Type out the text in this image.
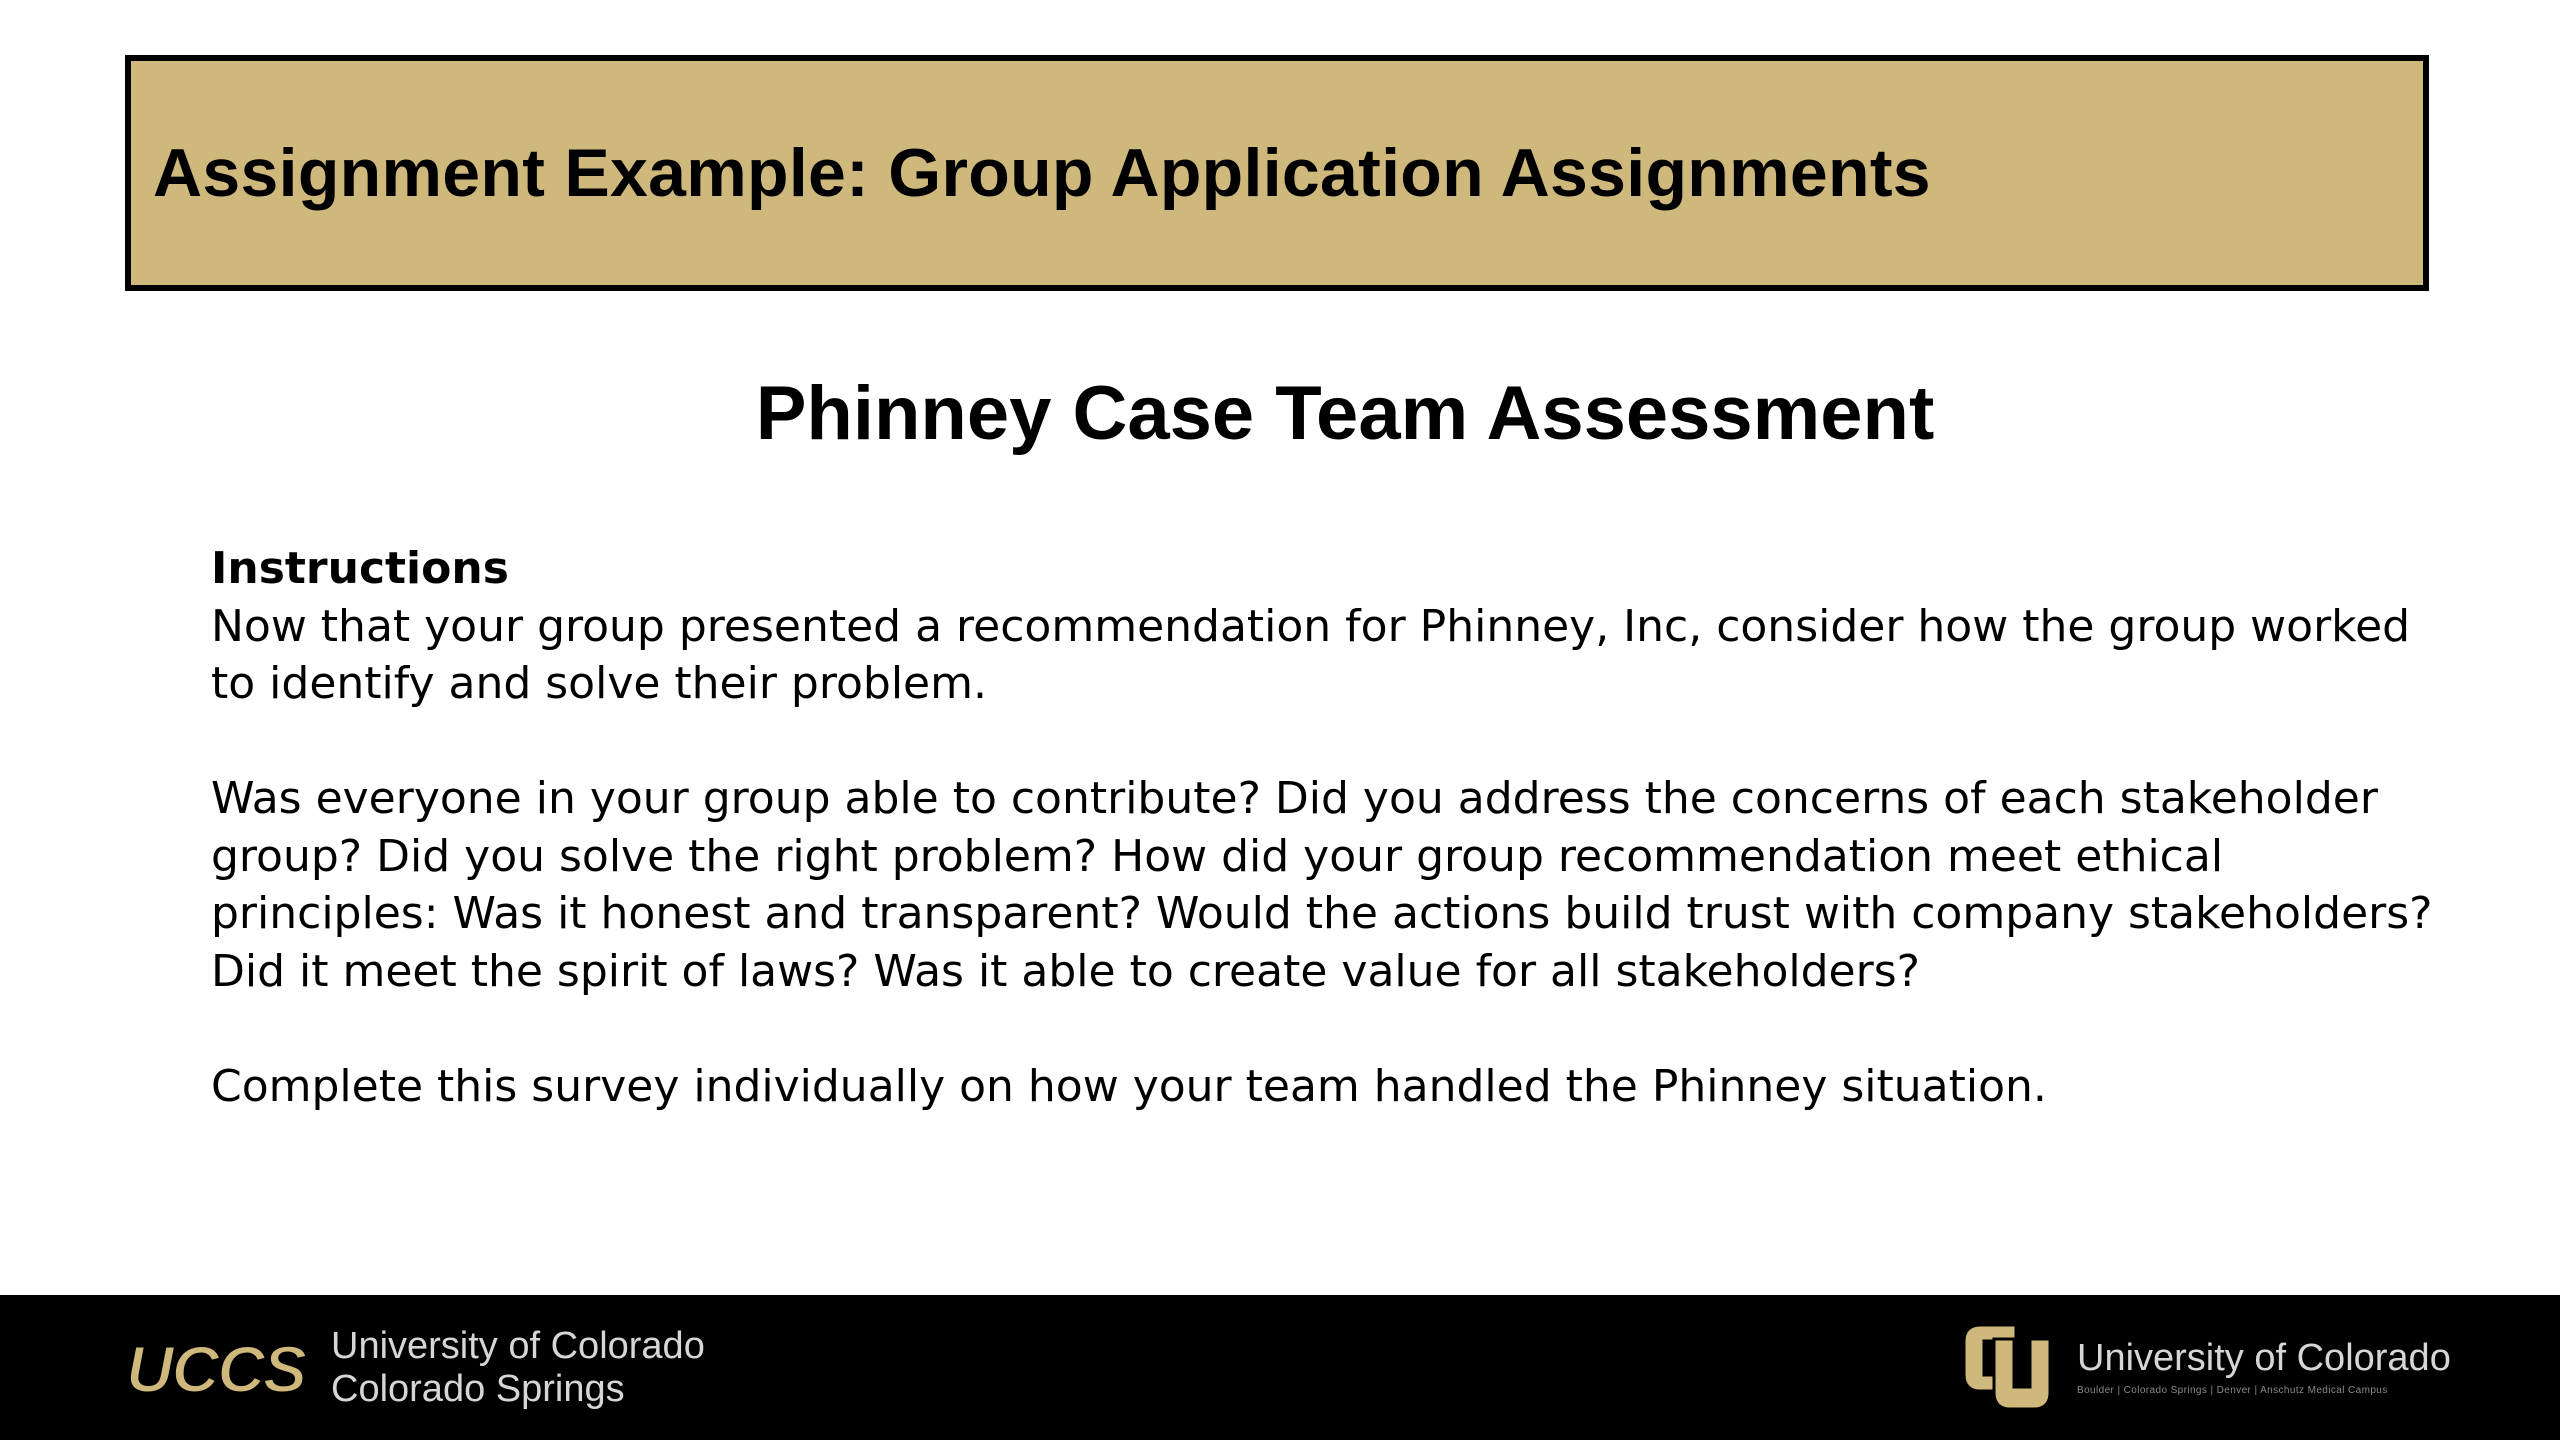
Assignment Example: Group Application Assignments
Phinney Case Team Assessment

Instructions

Now that your group presented a recommendation for Phinney, Inc, consider how the group worked to identify and solve their problem.

Was everyone in your group able to contribute? Did you address the concerns of each stakeholder group? Did you solve the right problem? How did your group recommendation meet ethical principles: Was it honest and transparent? Would the actions build trust with company stakeholders? Did it meet the spirit of laws? Was it able to create value for all stakeholders?

Complete this survey individually on how your team handled the Phinney situation.

UCCS University of Colorado
Colorado Springs
University of Colorado
Boulder | Colorado Springs | Denver | Anschutz Medical Campus
